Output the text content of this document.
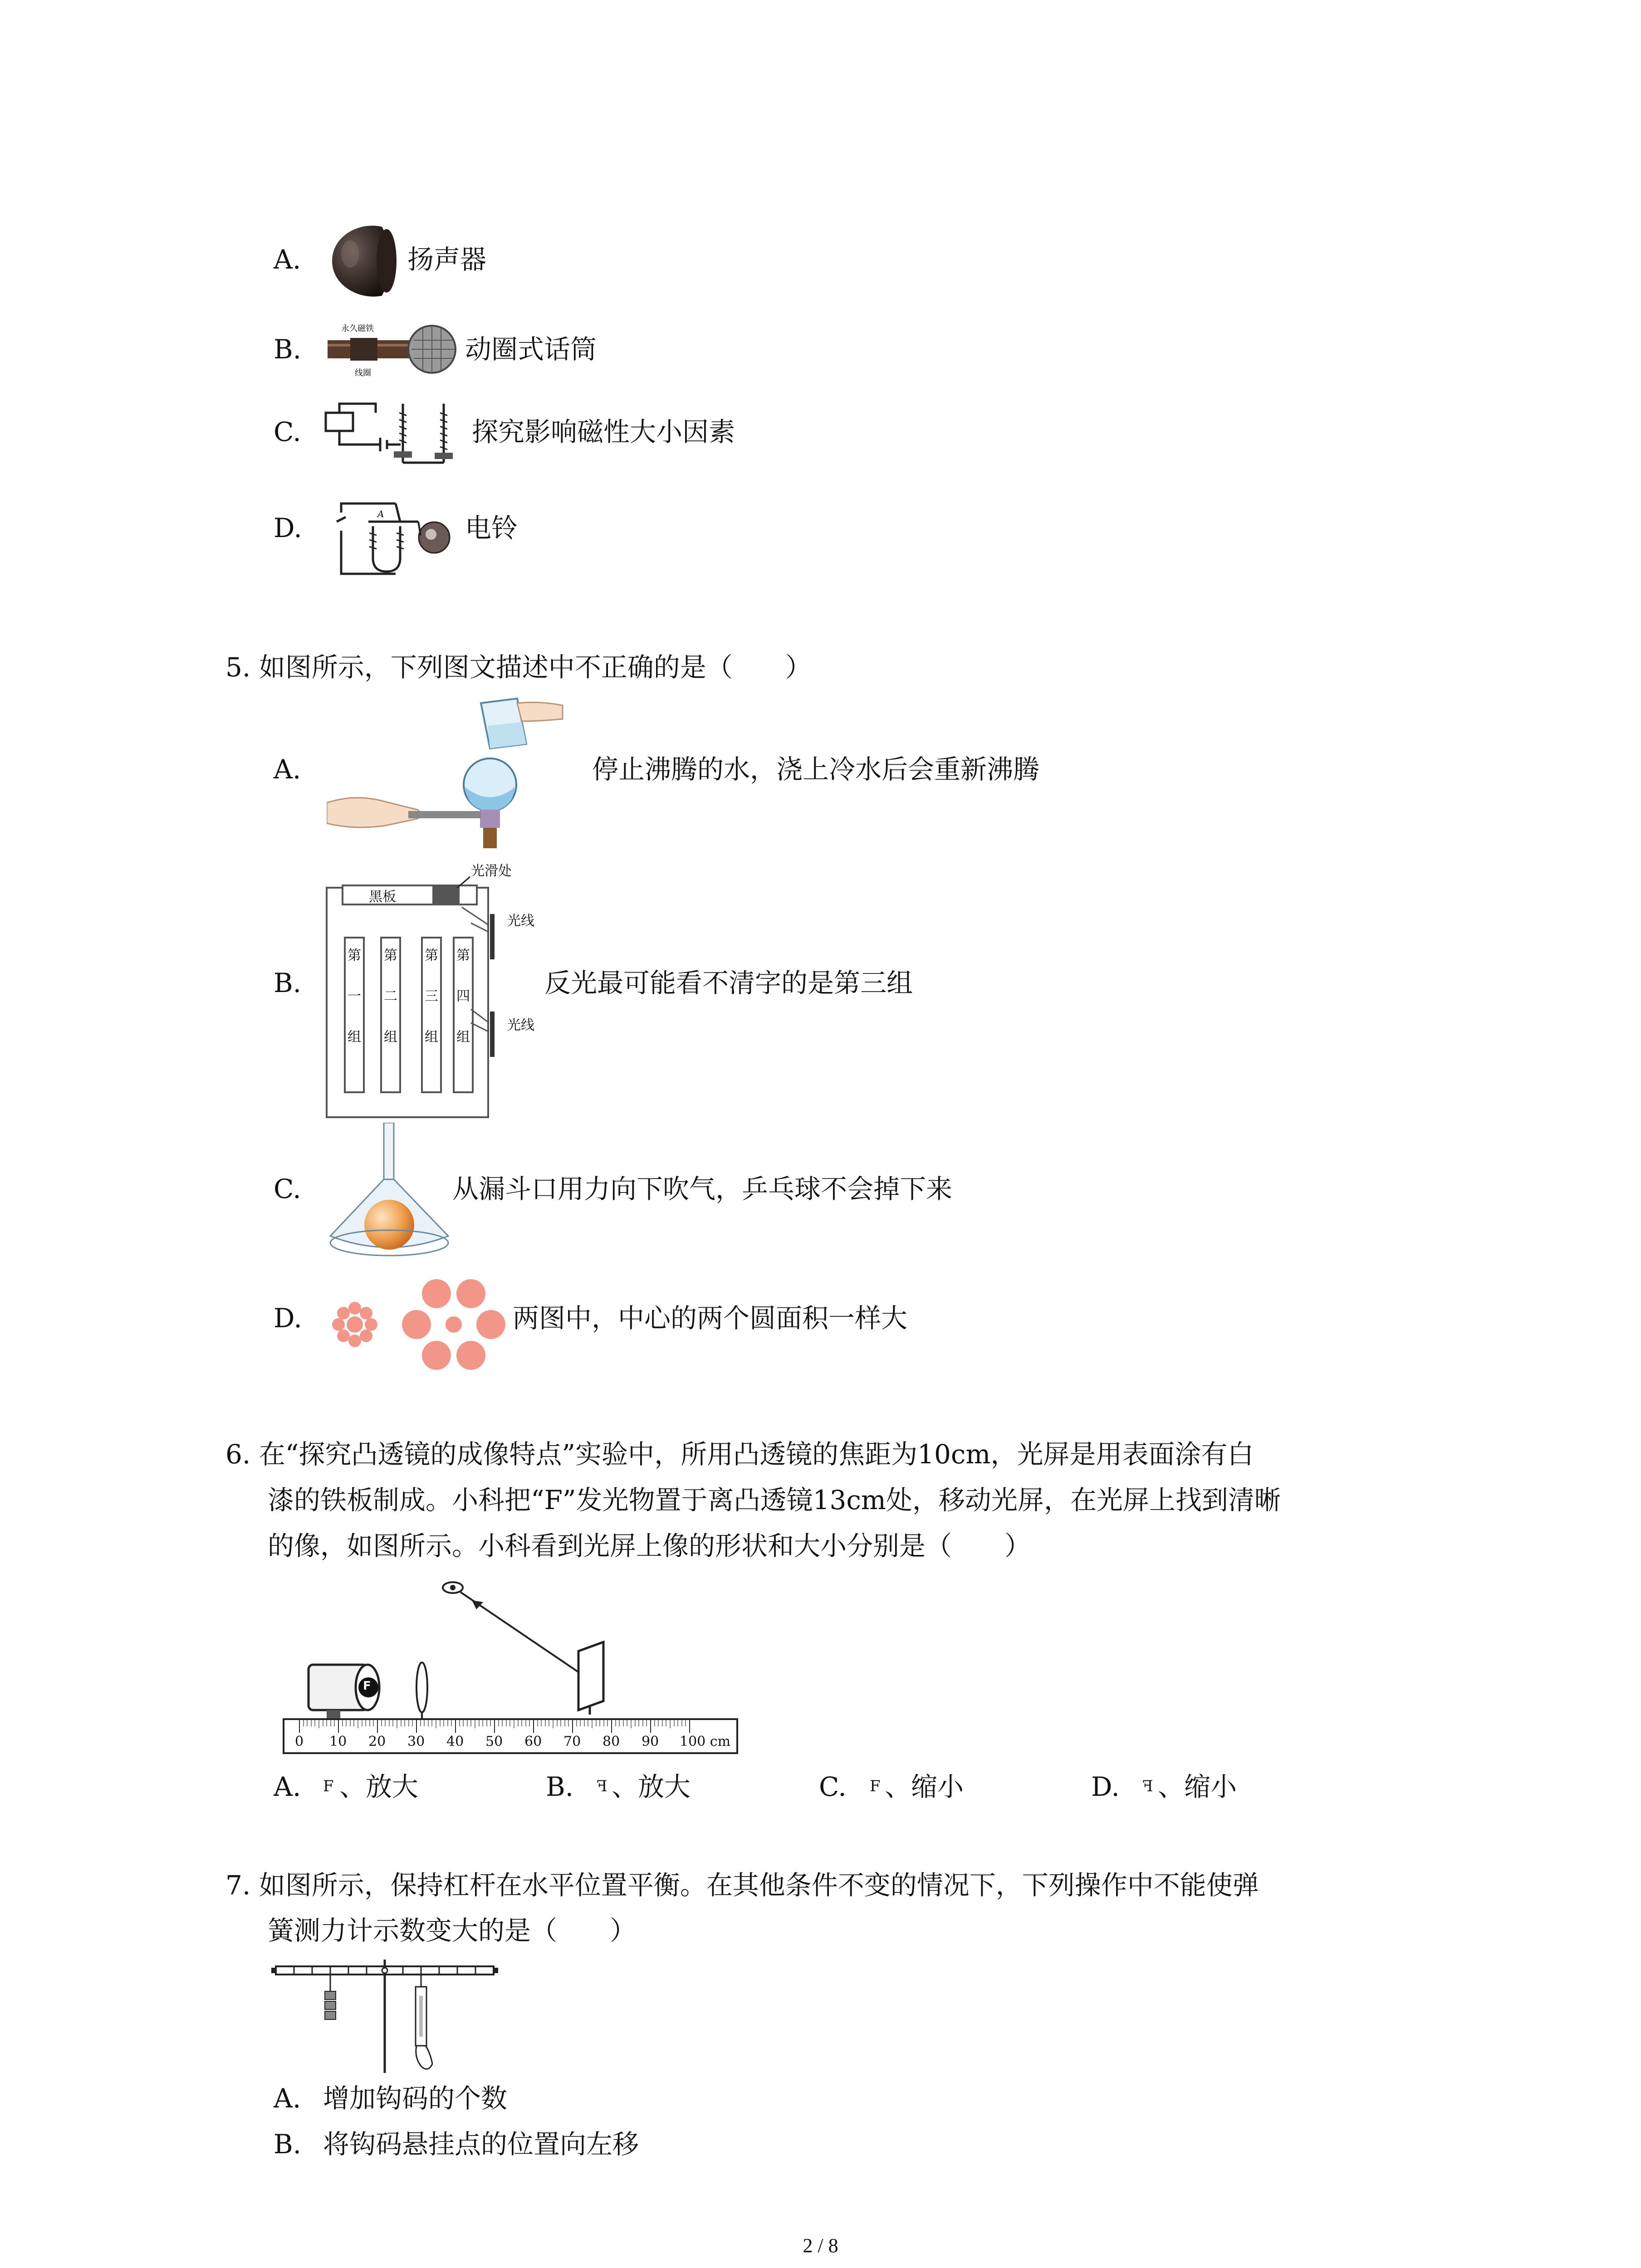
A.	扬声器
B.
永久磁铁
线圈
动圈式话筒
C.	探究影响磁性大小因素
D.	A	电铃
5. 如图所示，下列图文描述中不正确的是（　　）
A.	停止沸腾的水，浇上冷水后会重新沸腾
B.
黑板
光滑处
光线
光线
第
一
组
第
二
组
第
三
组
第
四
组
反光最可能看不清字的是第三组
C.	从漏斗口用力向下吹气，乒乓球不会掉下来
D.	两图中，中心的两个圆面积一样大
6. 在“探究凸透镜的成像特点”实验中，所用凸透镜的焦距为10cm，光屏是用表面涂有白
漆的铁板制成。小科把“F”发光物置于离凸透镜13cm处，移动光屏，在光屏上找到清晰
的像，如图所示。小科看到光屏上像的形状和大小分别是（　　）
F
0 10 20 30 40 50 60 70 80 90 100 cm
A. F 、放大	B. F 、放大	C. F 、缩小	D. F 、缩小
7. 如图所示，保持杠杆在水平位置平衡。在其他条件不变的情况下，下列操作中不能使弹
簧测力计示数变大的是（　　）
A. 增加钩码的个数
B. 将钩码悬挂点的位置向左移
2 / 8
